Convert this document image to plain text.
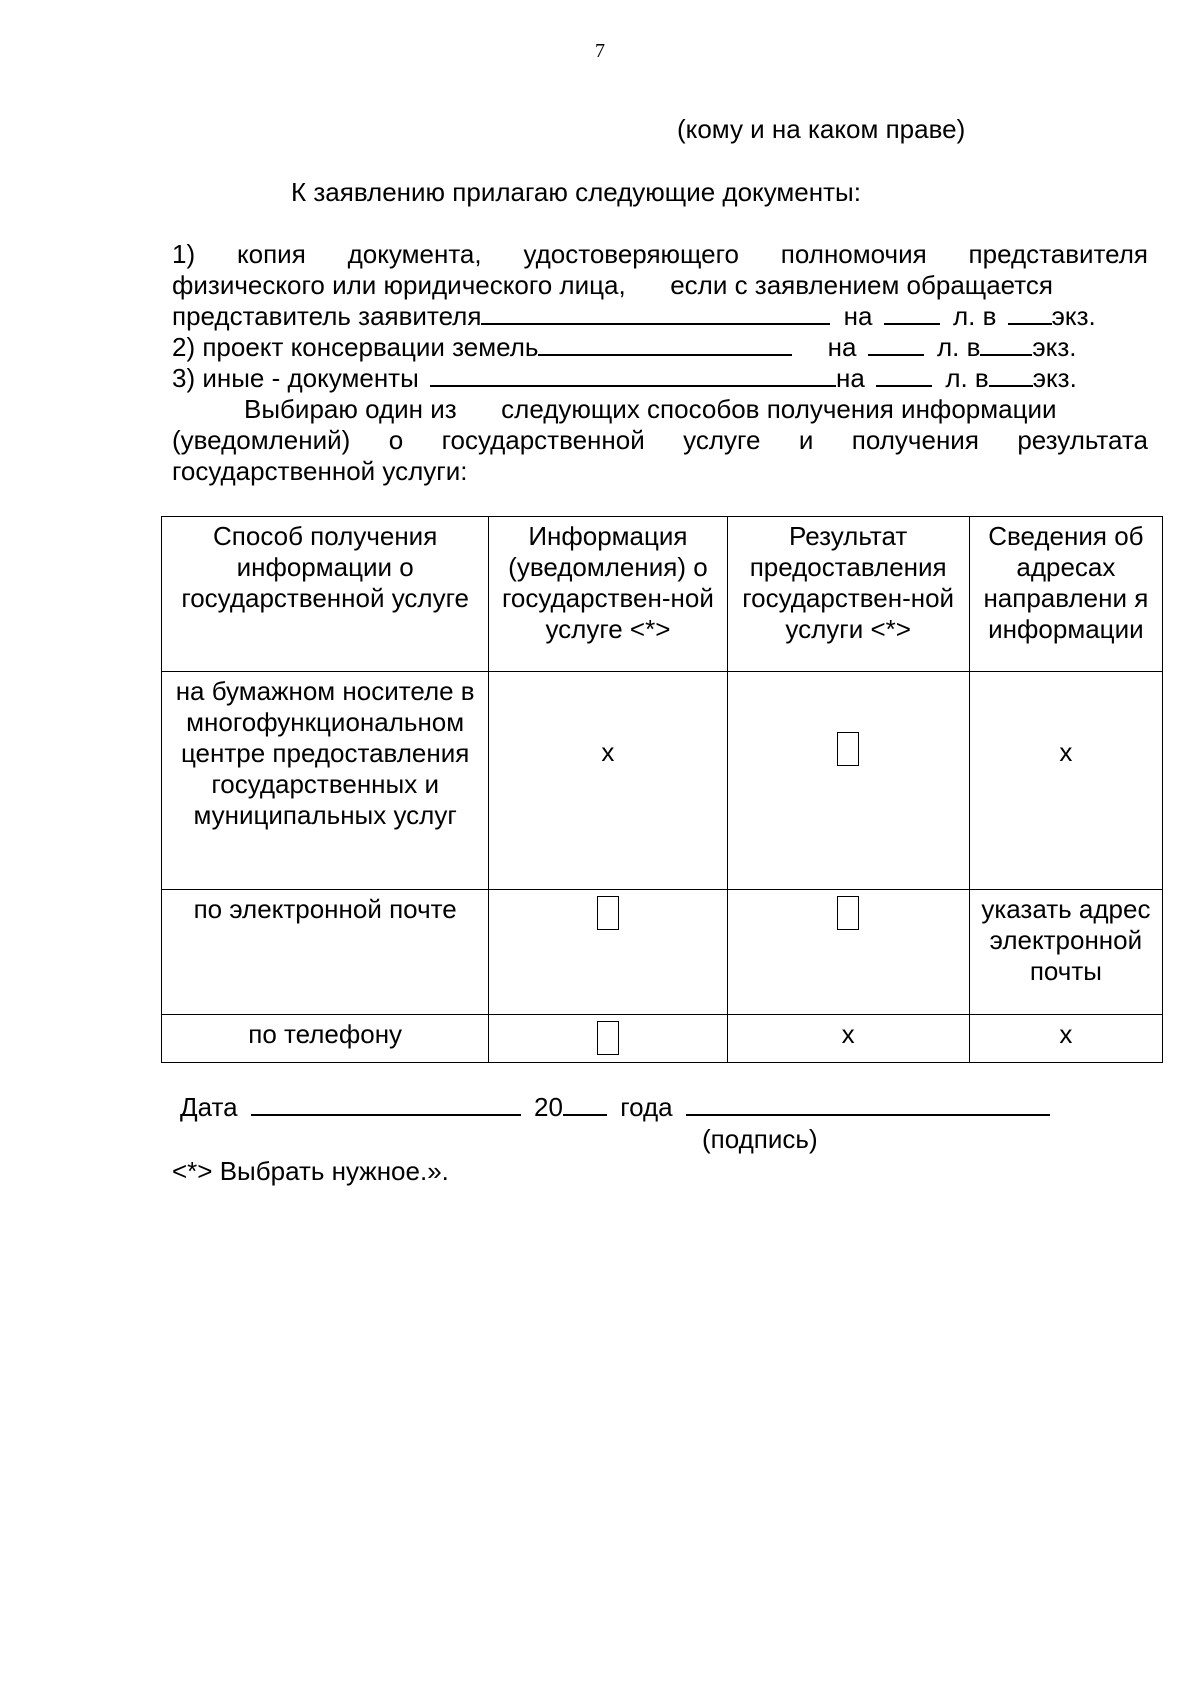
7
(кому и на каком праве)
К заявлению прилагаю следующие документы:
1) копия документа, удостоверяющего полномочия представителя
физического или юридического лица, если с заявлением обращается
представитель заявителя	на	л. в экз.
2) проект консервации земель	на	л. в экз.
3) иные - документы	на	л. в экз.
Выбираю один из следующих способов получения информации
(уведомлений) о государственной услуге и получения результата
государственной услуги:
Способ получения информации о государственной услуге	Информация (уведомления) о государствен-ной услуге <*>	Результат предоставления государствен-ной услуги <*>	Сведения об адресах направлени я информации
на бумажном носителе в многофункциональном центре предоставления государственных и муниципальных услуг	x		x
по электронной почте			указать адрес электронной почты
по телефону		x	x
Дата	20 года
(подпись)
<*> Выбрать нужное.».
